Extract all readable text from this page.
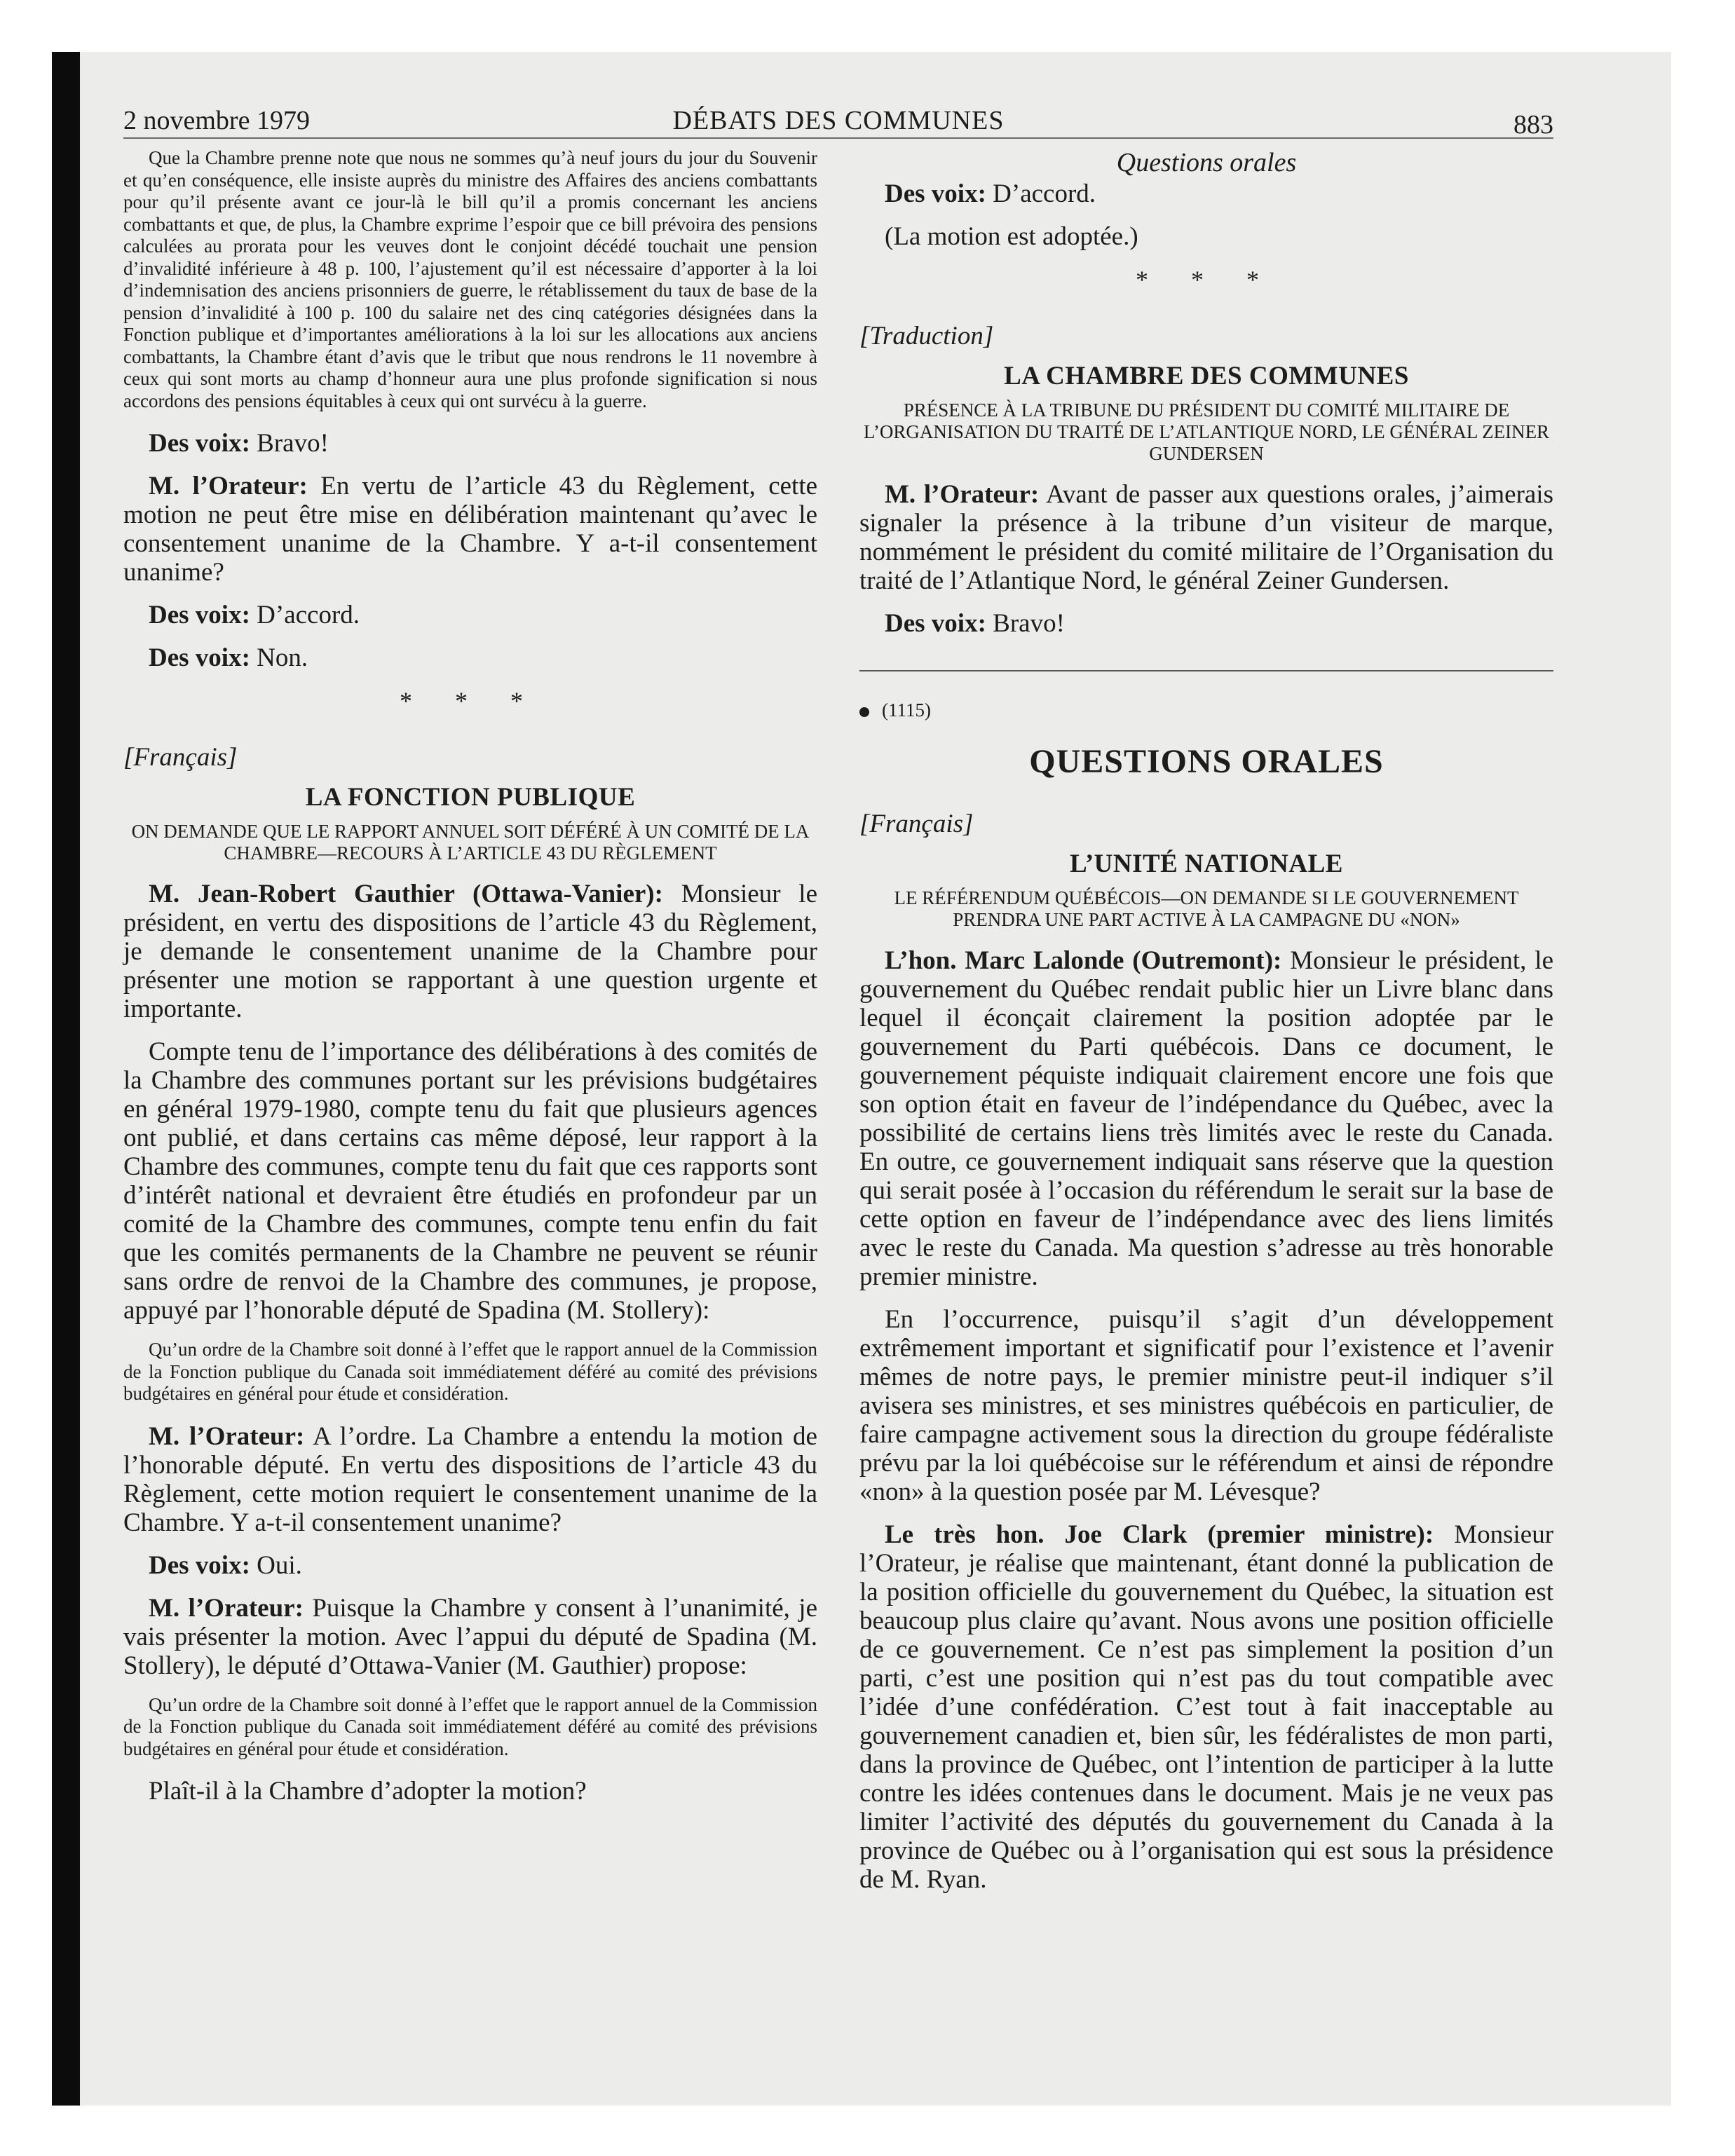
2 novembre 1979	DÉBATS DES COMMUNES	883

Que la Chambre prenne note que nous ne sommes qu’à neuf jours du jour du Souvenir et qu’en conséquence, elle insiste auprès du ministre des Affaires des anciens combattants pour qu’il présente avant ce jour-là le bill qu’il a promis concernant les anciens combattants et que, de plus, la Chambre exprime l’espoir que ce bill prévoira des pensions calculées au prorata pour les veuves dont le conjoint décédé touchait une pension d’invalidité inférieure à 48 p. 100, l’ajustement qu’il est nécessaire d’apporter à la loi d’indemnisation des anciens prisonniers de guerre, le rétablissement du taux de base de la pension d’invalidité à 100 p. 100 du salaire net des cinq catégories désignées dans la Fonction publique et d’importantes améliorations à la loi sur les allocations aux anciens combattants, la Chambre étant d’avis que le tribut que nous rendrons le 11 novembre à ceux qui sont morts au champ d’honneur aura une plus profonde signification si nous accordons des pensions équitables à ceux qui ont survécu à la guerre.

Des voix: Bravo!

M. l’Orateur: En vertu de l’article 43 du Règlement, cette motion ne peut être mise en délibération maintenant qu’avec le consentement unanime de la Chambre. Y a-t-il consentement unanime?

Des voix: D’accord.

Des voix: Non.

* * *

[Français]

LA FONCTION PUBLIQUE
ON DEMANDE QUE LE RAPPORT ANNUEL SOIT DÉFÉRÉ À UN COMITÉ DE LA CHAMBRE—RECOURS À L’ARTICLE 43 DU RÈGLEMENT

M. Jean-Robert Gauthier (Ottawa-Vanier): Monsieur le président, en vertu des dispositions de l’article 43 du Règlement, je demande le consentement unanime de la Chambre pour présenter une motion se rapportant à une question urgente et importante.

Compte tenu de l’importance des délibérations à des comités de la Chambre des communes portant sur les prévisions budgétaires en général 1979-1980, compte tenu du fait que plusieurs agences ont publié, et dans certains cas même déposé, leur rapport à la Chambre des communes, compte tenu du fait que ces rapports sont d’intérêt national et devraient être étudiés en profondeur par un comité de la Chambre des communes, compte tenu enfin du fait que les comités permanents de la Chambre ne peuvent se réunir sans ordre de renvoi de la Chambre des communes, je propose, appuyé par l’honorable député de Spadina (M. Stollery):

Qu’un ordre de la Chambre soit donné à l’effet que le rapport annuel de la Commission de la Fonction publique du Canada soit immédiatement déféré au comité des prévisions budgétaires en général pour étude et considération.

M. l’Orateur: A l’ordre. La Chambre a entendu la motion de l’honorable député. En vertu des dispositions de l’article 43 du Règlement, cette motion requiert le consentement unanime de la Chambre. Y a-t-il consentement unanime?

Des voix: Oui.

M. l’Orateur: Puisque la Chambre y consent à l’unanimité, je vais présenter la motion. Avec l’appui du député de Spadina (M. Stollery), le député d’Ottawa-Vanier (M. Gauthier) propose:

Qu’un ordre de la Chambre soit donné à l’effet que le rapport annuel de la Commission de la Fonction publique du Canada soit immédiatement déféré au comité des prévisions budgétaires en général pour étude et considération.

Plaît-il à la Chambre d’adopter la motion?

Questions orales

Des voix: D’accord.

(La motion est adoptée.)

* * *

[Traduction]

LA CHAMBRE DES COMMUNES
PRÉSENCE À LA TRIBUNE DU PRÉSIDENT DU COMITÉ MILITAIRE DE L’ORGANISATION DU TRAITÉ DE L’ATLANTIQUE NORD, LE GÉNÉRAL ZEINER GUNDERSEN

M. l’Orateur: Avant de passer aux questions orales, j’aimerais signaler la présence à la tribune d’un visiteur de marque, nommément le président du comité militaire de l’Organisation du traité de l’Atlantique Nord, le général Zeiner Gundersen.

Des voix: Bravo!

(1115)

QUESTIONS ORALES

[Français]

L’UNITÉ NATIONALE
LE RÉFÉRENDUM QUÉBÉCOIS—ON DEMANDE SI LE GOUVERNEMENT PRENDRA UNE PART ACTIVE À LA CAMPAGNE DU «NON»

L’hon. Marc Lalonde (Outremont): Monsieur le président, le gouvernement du Québec rendait public hier un Livre blanc dans lequel il éconçait clairement la position adoptée par le gouvernement du Parti québécois. Dans ce document, le gouvernement péquiste indiquait clairement encore une fois que son option était en faveur de l’indépendance du Québec, avec la possibilité de certains liens très limités avec le reste du Canada. En outre, ce gouvernement indiquait sans réserve que la question qui serait posée à l’occasion du référendum le serait sur la base de cette option en faveur de l’indépendance avec des liens limités avec le reste du Canada. Ma question s’adresse au très honorable premier ministre.

En l’occurrence, puisqu’il s’agit d’un développement extrêmement important et significatif pour l’existence et l’avenir mêmes de notre pays, le premier ministre peut-il indiquer s’il avisera ses ministres, et ses ministres québécois en particulier, de faire campagne activement sous la direction du groupe fédéraliste prévu par la loi québécoise sur le référendum et ainsi de répondre «non» à la question posée par M. Lévesque?

Le très hon. Joe Clark (premier ministre): Monsieur l’Orateur, je réalise que maintenant, étant donné la publication de la position officielle du gouvernement du Québec, la situation est beaucoup plus claire qu’avant. Nous avons une position officielle de ce gouvernement. Ce n’est pas simplement la position d’un parti, c’est une position qui n’est pas du tout compatible avec l’idée d’une confédération. C’est tout à fait inacceptable au gouvernement canadien et, bien sûr, les fédéralistes de mon parti, dans la province de Québec, ont l’intention de participer à la lutte contre les idées contenues dans le document. Mais je ne veux pas limiter l’activité des députés du gouvernement du Canada à la province de Québec ou à l’organisation qui est sous la présidence de M. Ryan.
